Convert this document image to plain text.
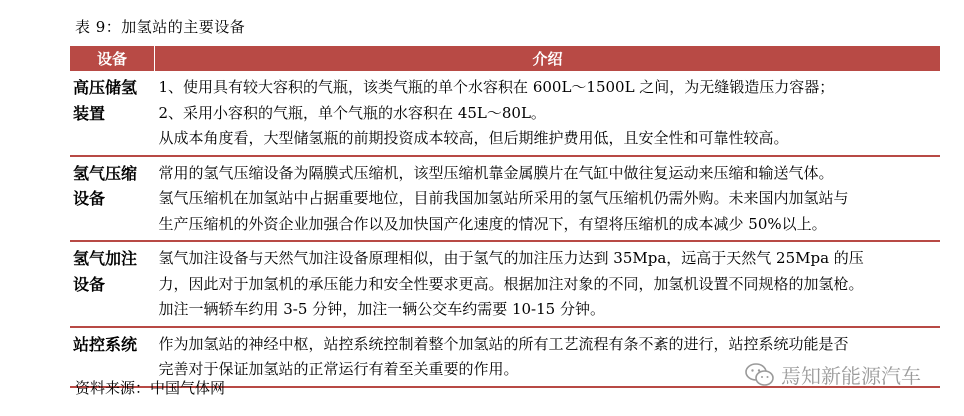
表 9：加氢站的主要设备
设备	介绍

高压储氢
装置	1、使用具有较大容积的气瓶，该类气瓶的单个水容积在 600L～1500L 之间，为无缝锻造压力容器；
2、采用小容积的气瓶，单个气瓶的水容积在 45L～80L。
从成本角度看，大型储氢瓶的前期投资成本较高，但后期维护费用低，且安全性和可靠性较高。

氢气压缩
设备	常用的氢气压缩设备为隔膜式压缩机，该型压缩机靠金属膜片在气缸中做往复运动来压缩和输送气体。
氢气压缩机在加氢站中占据重要地位，目前我国加氢站所采用的氢气压缩机仍需外购。未来国内加氢站与
生产压缩机的外资企业加强合作以及加快国产化速度的情况下，有望将压缩机的成本减少 50%以上。

氢气加注
设备	氢气加注设备与天然气加注设备原理相似，由于氢气的加注压力达到 35Mpa，远高于天然气 25Mpa 的压
力，因此对于加氢机的承压能力和安全性要求更高。根据加注对象的不同，加氢机设置不同规格的加氢枪。
加注一辆轿车约用 3-5 分钟，加注一辆公交车约需要 10-15 分钟。

站控系统	作为加氢站的神经中枢，站控系统控制着整个加氢站的所有工艺流程有条不紊的进行，站控系统功能是否
完善对于保证加氢站的正常运行有着至关重要的作用。
资料来源：中国气体网	焉知新能源汽车
